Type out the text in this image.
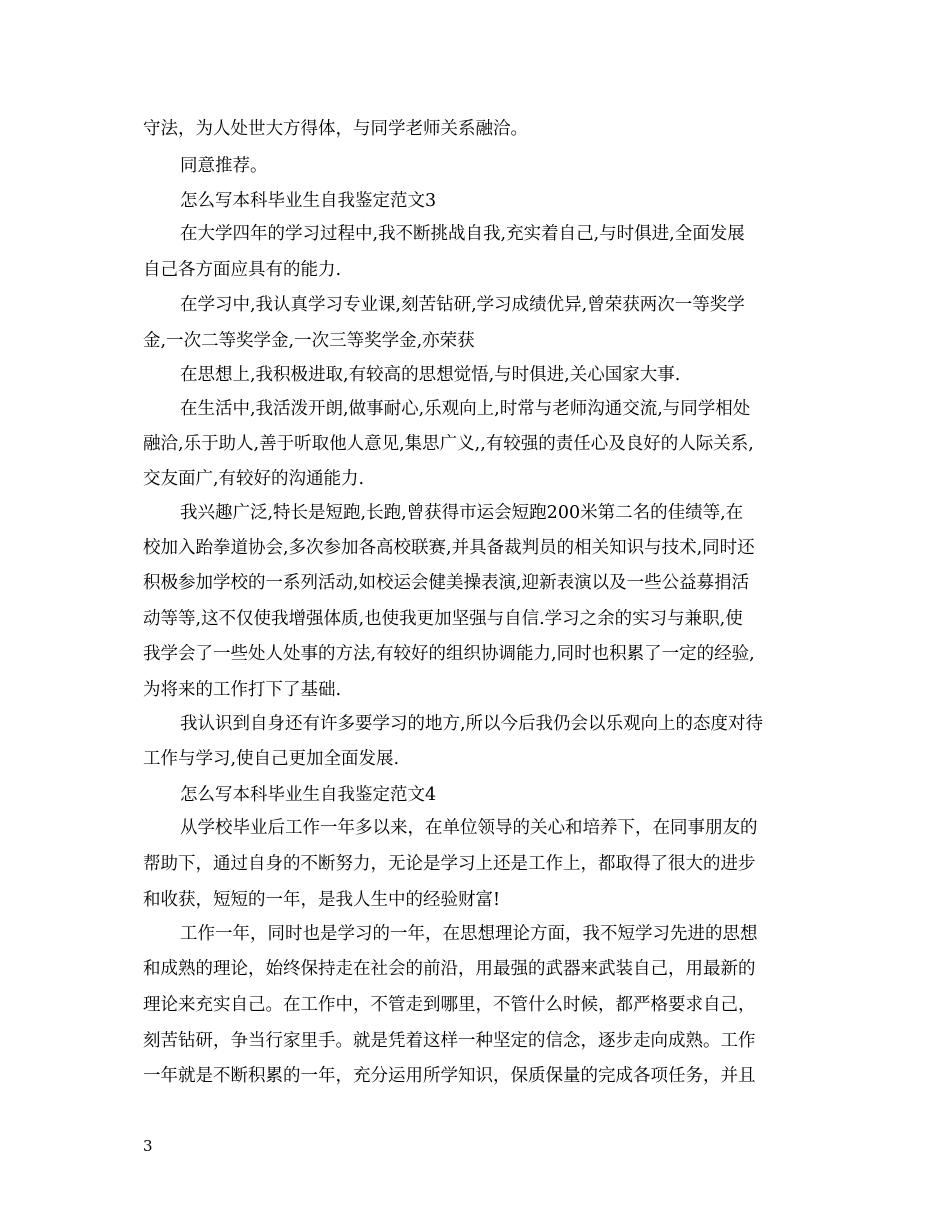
守法，为人处世大方得体，与同学老师关系融洽。
同意推荐。
怎么写本科毕业生自我鉴定范文3
在大学四年的学习过程中,我不断挑战自我,充实着自己,与时俱进,全面发展
自己各方面应具有的能力.
在学习中,我认真学习专业课,刻苦钻研,学习成绩优异,曾荣获两次一等奖学
金,一次二等奖学金,一次三等奖学金,亦荣获
在思想上,我积极进取,有较高的思想觉悟,与时俱进,关心国家大事.
在生活中,我活泼开朗,做事耐心,乐观向上,时常与老师沟通交流,与同学相处
融洽,乐于助人,善于听取他人意见,集思广义,,有较强的责任心及良好的人际关系,
交友面广,有较好的沟通能力.
我兴趣广泛,特长是短跑,长跑,曾获得市运会短跑200米第二名的佳绩等,在
校加入跆拳道协会,多次参加各高校联赛,并具备裁判员的相关知识与技术,同时还
积极参加学校的一系列活动,如校运会健美操表演,迎新表演以及一些公益募捐活
动等等,这不仅使我增强体质,也使我更加坚强与自信.学习之余的实习与兼职,使
我学会了一些处人处事的方法,有较好的组织协调能力,同时也积累了一定的经验,
为将来的工作打下了基础.
我认识到自身还有许多要学习的地方,所以今后我仍会以乐观向上的态度对待
工作与学习,使自己更加全面发展.
怎么写本科毕业生自我鉴定范文4
从学校毕业后工作一年多以来，在单位领导的关心和培养下，在同事朋友的
帮助下，通过自身的不断努力，无论是学习上还是工作上，都取得了很大的进步
和收获，短短的一年，是我人生中的经验财富!
工作一年，同时也是学习的一年，在思想理论方面，我不短学习先进的思想
和成熟的理论，始终保持走在社会的前沿，用最强的武器来武装自己，用最新的
理论来充实自己。在工作中，不管走到哪里，不管什么时候，都严格要求自己，
刻苦钻研，争当行家里手。就是凭着这样一种坚定的信念，逐步走向成熟。工作
一年就是不断积累的一年，充分运用所学知识，保质保量的完成各项任务，并且
3
